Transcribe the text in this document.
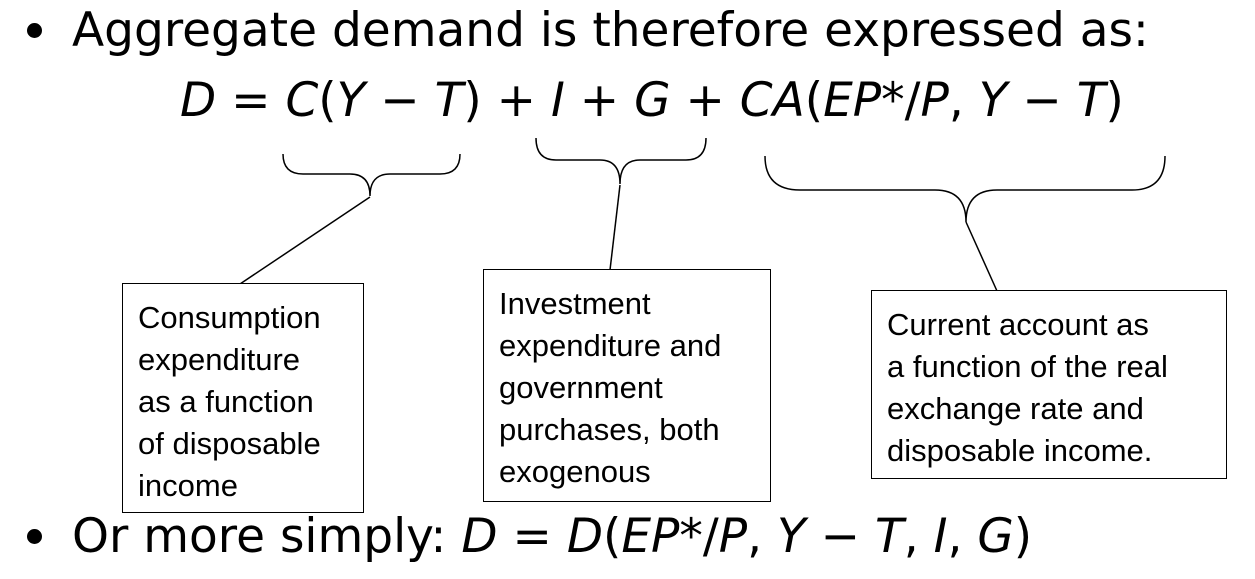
Aggregate demand is therefore expressed as:
D = C(Y − T) + I + G + CA(EP*/P, Y − T)
Consumption
expenditure
as a function
of disposable
income
Investment
expenditure and
government
purchases, both
exogenous
Current account as
a function of the real
exchange rate and
disposable income.
Or more simply: D = D(EP*/P, Y − T, I, G)
